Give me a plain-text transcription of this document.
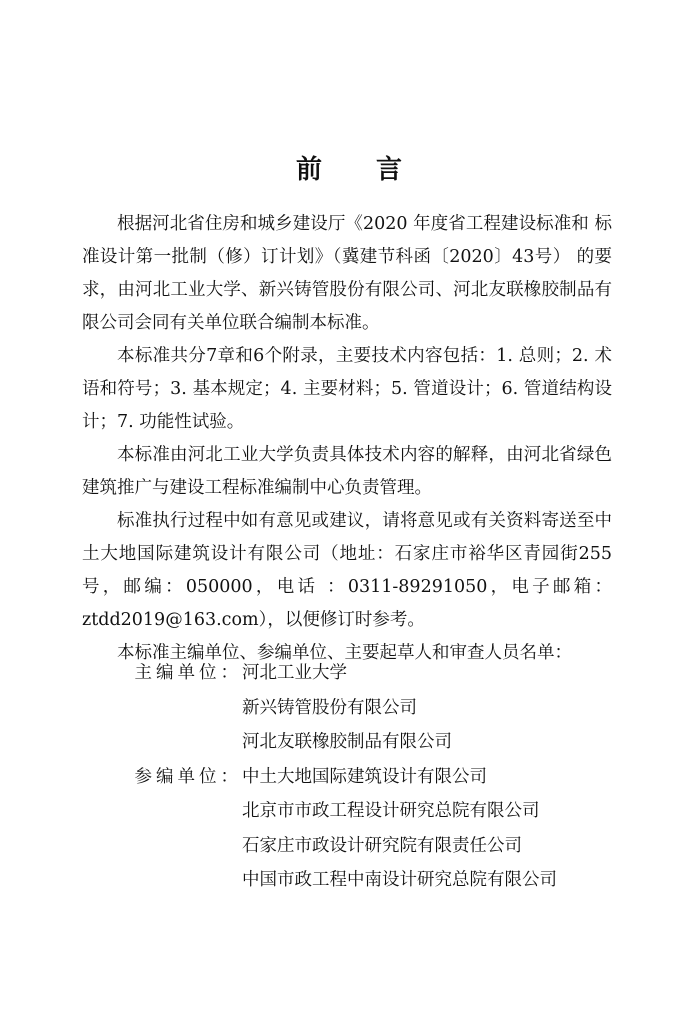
前 言

根据河北省住房和城乡建设厅《2020 年度省工程建设标准和 标准设计第一批制（修）订计划》（冀建节科函〔2020〕43号） 的要求，由河北工业大学、新兴铸管股份有限公司、河北友联橡胶制品有限公司会同有关单位联合编制本标准。

本标准共分7章和6个附录，主要技术内容包括：1. 总则；2. 术语和符号；3. 基本规定；4. 主要材料；5. 管道设计；6. 管道结构设计；7. 功能性试验。

本标准由河北工业大学负责具体技术内容的解释，由河北省绿色建筑推广与建设工程标准编制中心负责管理。

标准执行过程中如有意见或建议，请将意见或有关资料寄送至中 土大地国际建筑设计有限公司（地址：石家庄市裕华区青园街255号，邮编：050000，电话 ：0311-89291050，电子邮箱： ztdd2019@163.com），以便修订时参考。

本标准主编单位、参编单位、主要起草人和审查人员名单：

主编单位： 河北工业大学
新兴铸管股份有限公司
河北友联橡胶制品有限公司
参编单位： 中土大地国际建筑设计有限公司
北京市市政工程设计研究总院有限公司
石家庄市政设计研究院有限责任公司
中国市政工程中南设计研究总院有限公司
